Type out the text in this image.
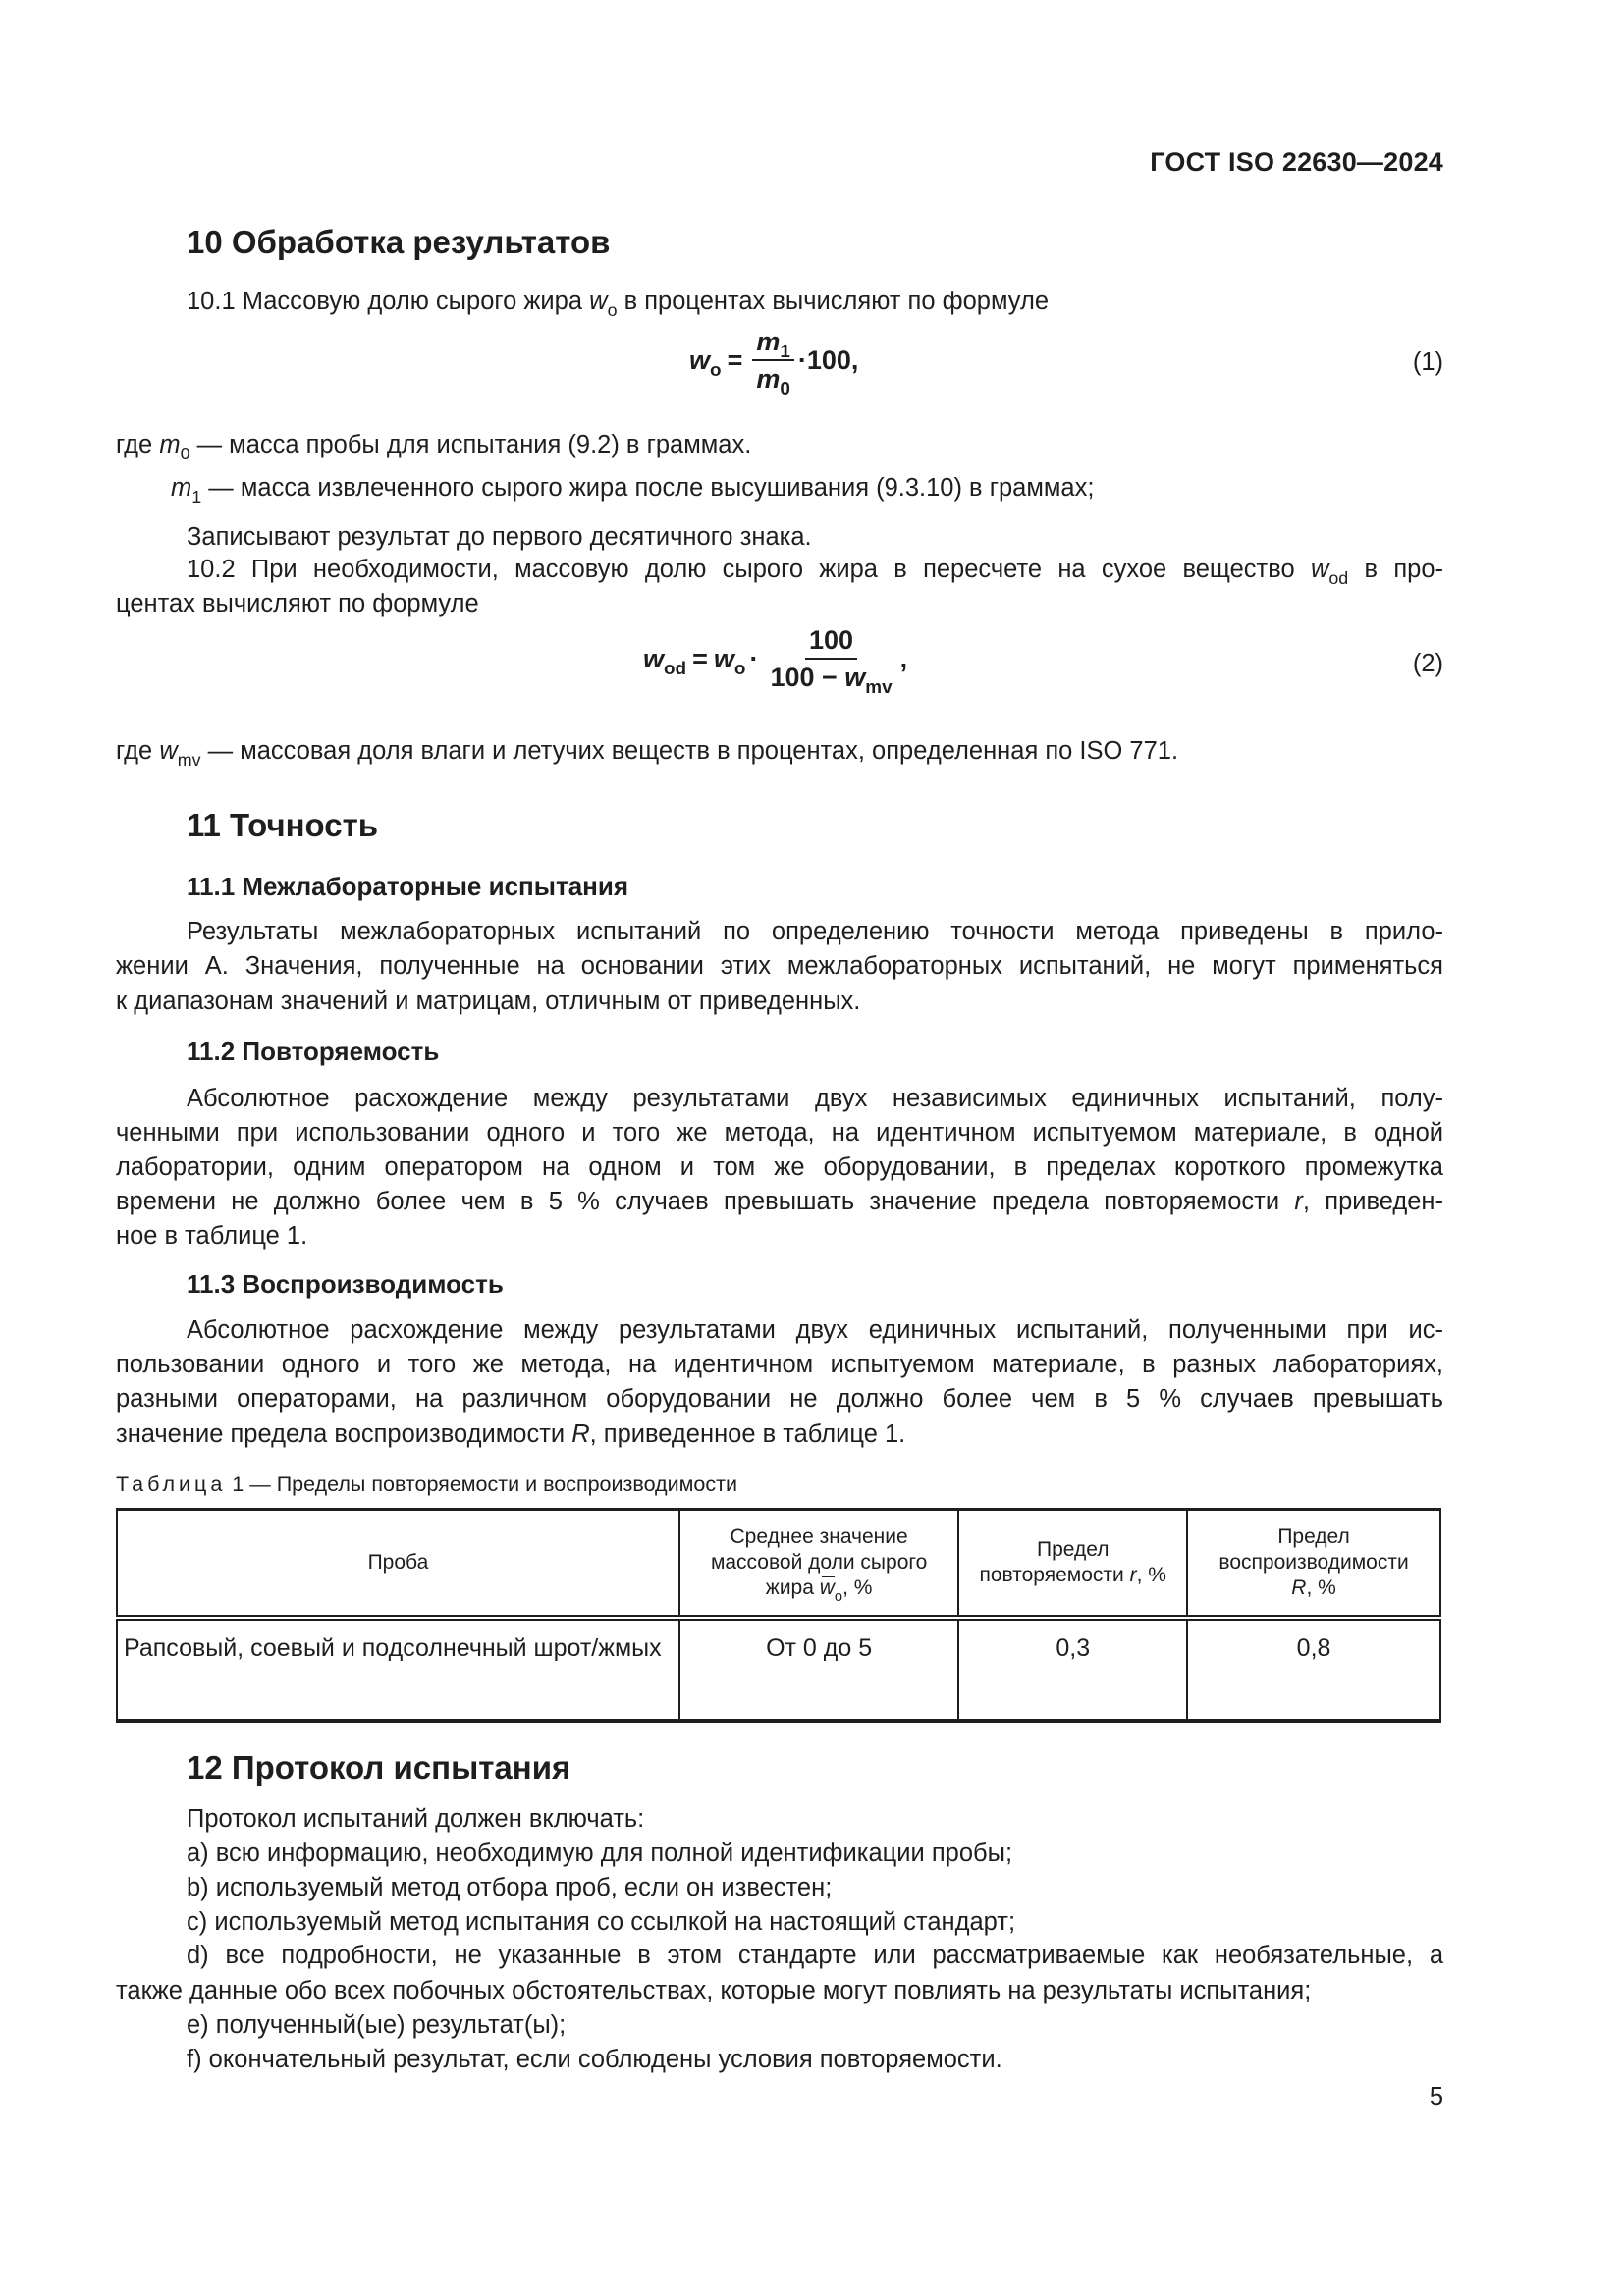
ГОСТ ISO 22630—2024
10 Обработка результатов
10.1 Массовую долю сырого жира $w_o$ в процентах вычисляют по формуле
$w_o = \frac{m_1}{m_0} \cdot 100$,	(1)
где $m_0$ — масса пробы для испытания (9.2) в граммах.
$m_1$ — масса извлеченного сырого жира после высушивания (9.3.10) в граммах;
Записывают результат до первого десятичного знака.
10.2 При необходимости, массовую долю сырого жира в пересчете на сухое вещество $w_{od}$ в про-
центах вычисляют по формуле
$w_{od} = w_o \cdot \frac{100}{100 - w_{mv}}$ ,	(2)
где $w_{mv}$ — массовая доля влаги и летучих веществ в процентах, определенная по ISO 771.
11 Точность
11.1 Межлабораторные испытания
Результаты межлабораторных испытаний по определению точности метода приведены в прило-
жении А. Значения, полученные на основании этих межлабораторных испытаний, не могут применяться
к диапазонам значений и матрицам, отличным от приведенных.
11.2 Повторяемость
Абсолютное расхождение между результатами двух независимых единичных испытаний, полу-
ченными при использовании одного и того же метода, на идентичном испытуемом материале, в одной
лаборатории, одним оператором на одном и том же оборудовании, в пределах короткого промежутка
времени не должно более чем в 5 % случаев превышать значение предела повторяемости r, приведен-
ное в таблице 1.
11.3 Воспроизводимость
Абсолютное расхождение между результатами двух единичных испытаний, полученными при ис-
пользовании одного и того же метода, на идентичном испытуемом материале, в разных лабораториях,
разными операторами, на различном оборудовании не должно более чем в 5 % случаев превышать
значение предела воспроизводимости R, приведенное в таблице 1.
Таблица 1 — Пределы повторяемости и воспроизводимости
Проба	Среднее значение
массовой доли сырого
жира $w_o$, %	Предел
повторяемости r, %	Предел
воспроизводимости
R, %
Рапсовый, соевый и подсолнечный шрот/жмых	От 0 до 5	0,3	0,8
12 Протокол испытания
Протокол испытаний должен включать:
a) всю информацию, необходимую для полной идентификации пробы;
b) используемый метод отбора проб, если он известен;
c) используемый метод испытания со ссылкой на настоящий стандарт;
d) все подробности, не указанные в этом стандарте или рассматриваемые как необязательные, а
также данные обо всех побочных обстоятельствах, которые могут повлиять на результаты испытания;
e) полученный(ые) результат(ы);
f) окончательный результат, если соблюдены условия повторяемости.
5
